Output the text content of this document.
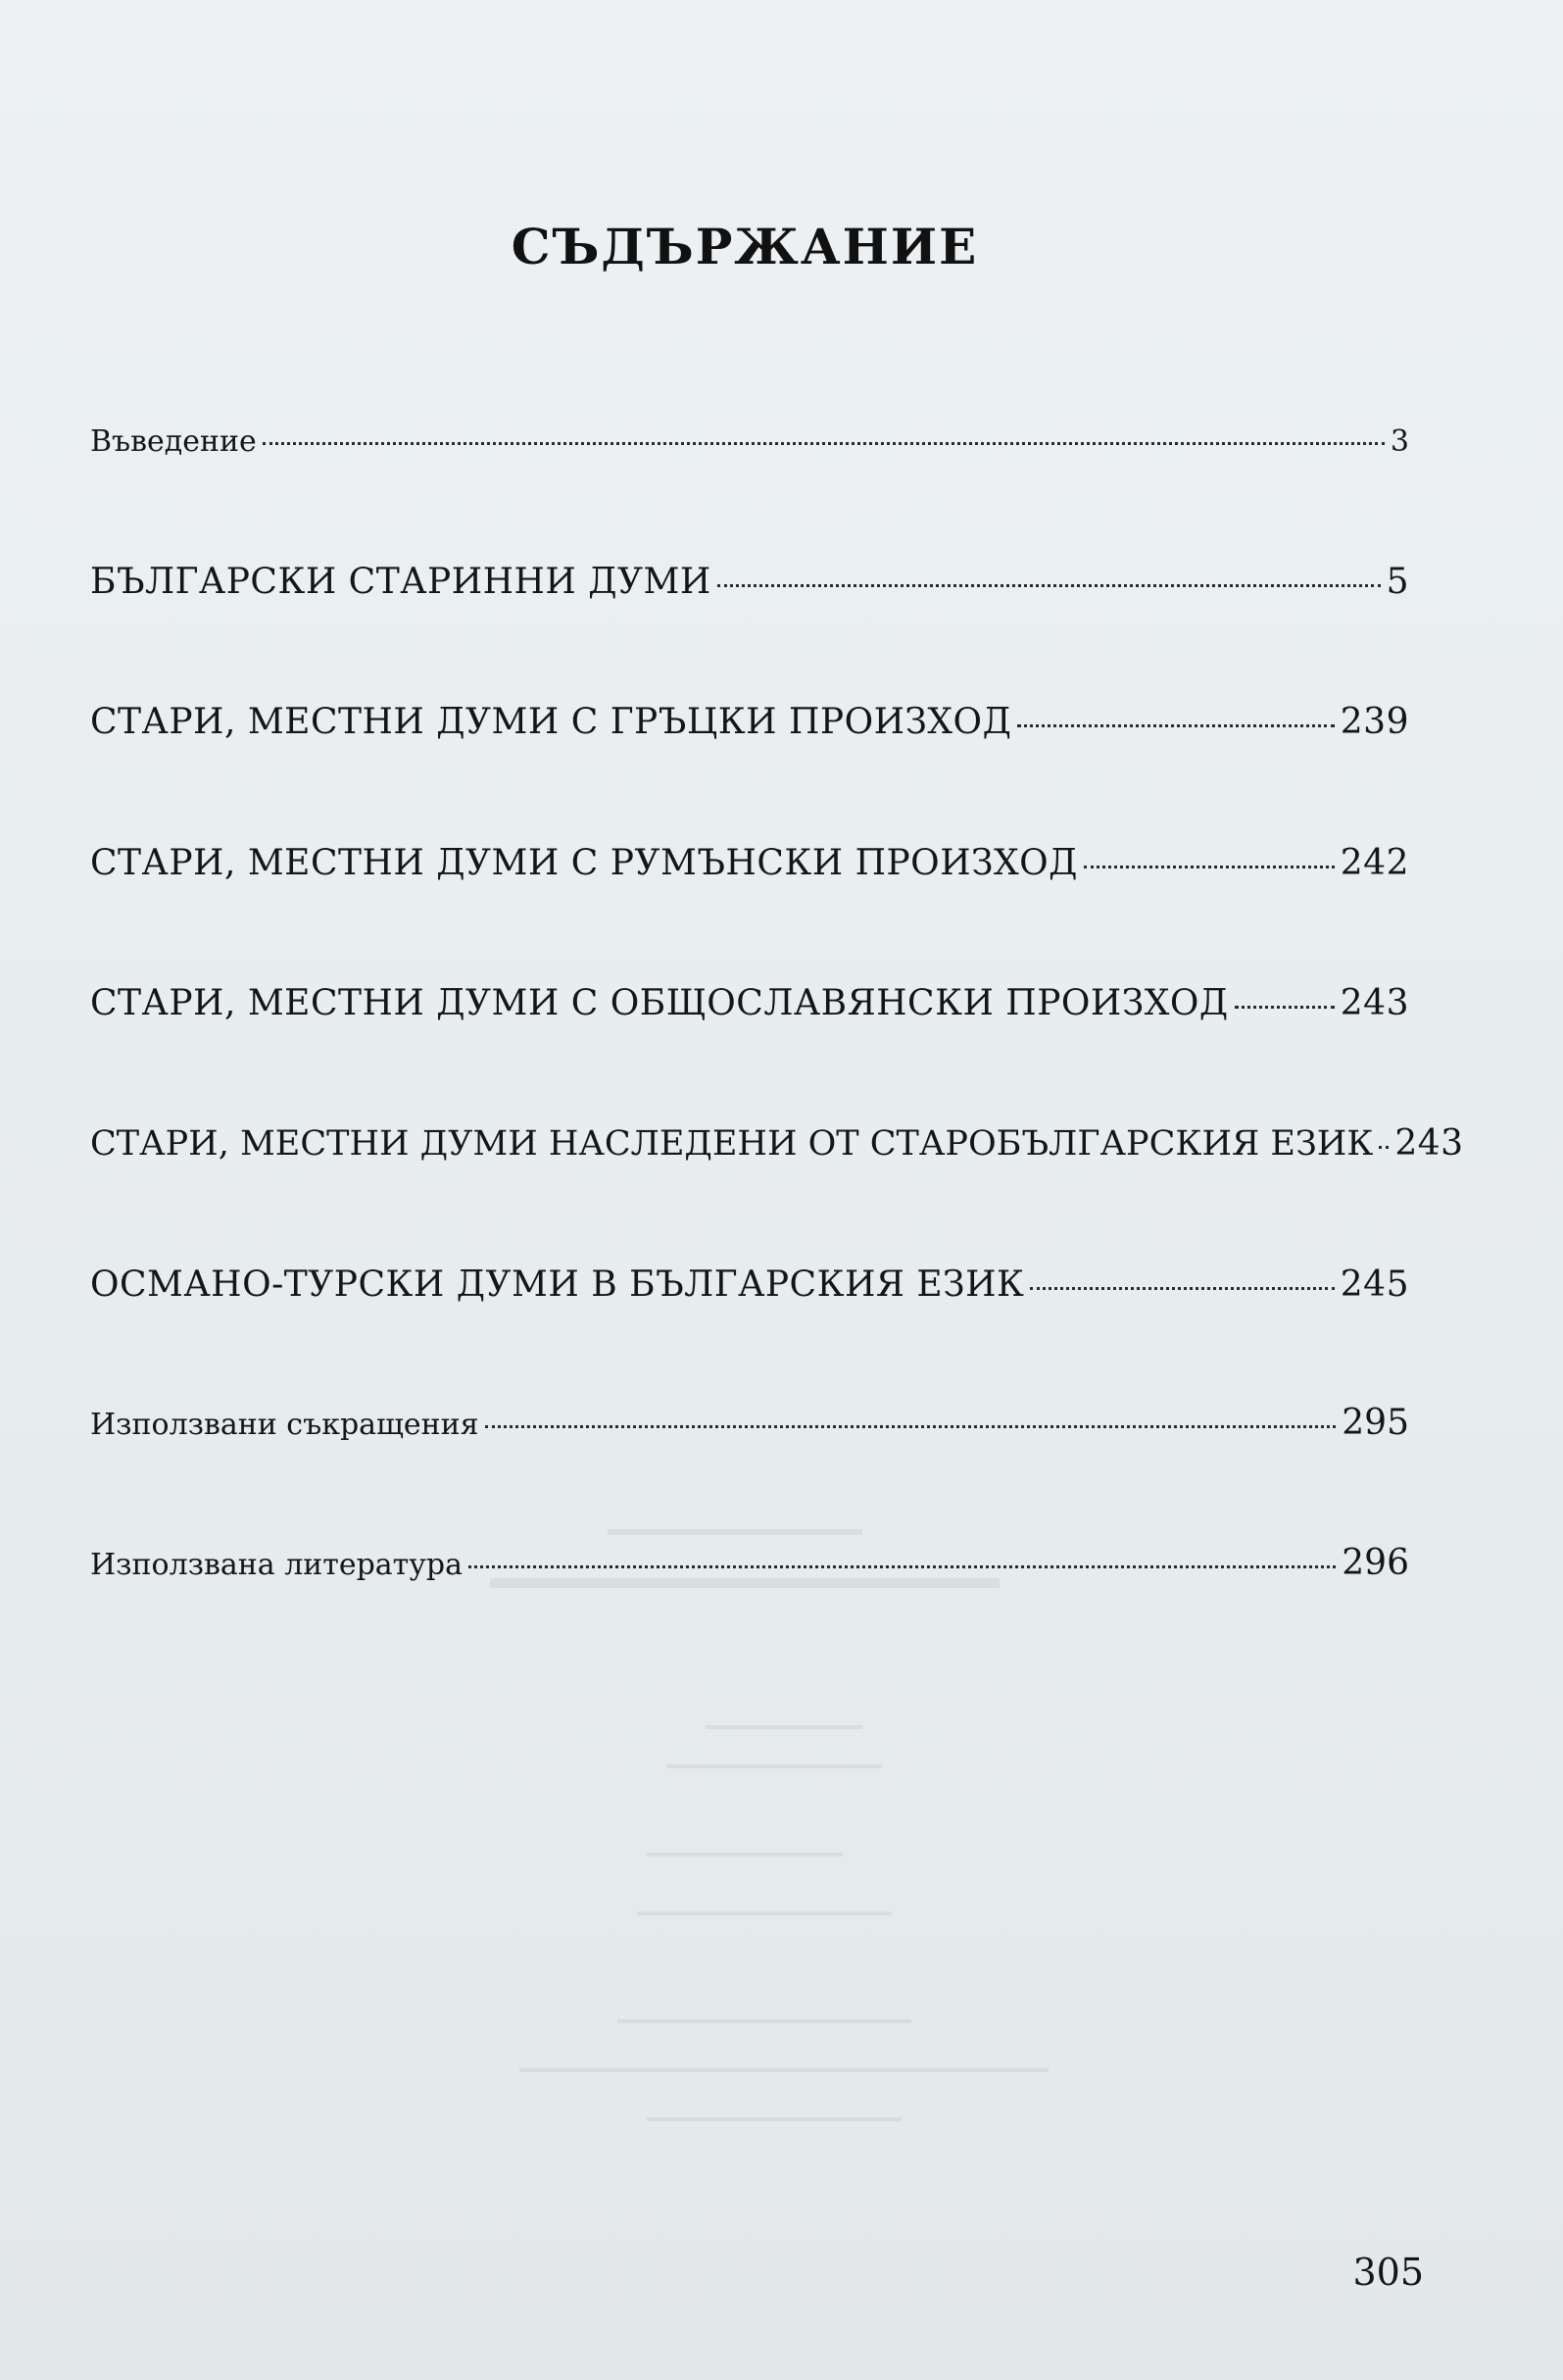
СЪДЪРЖАНИЕ
Въведение	3
БЪЛГАРСКИ СТАРИННИ ДУМИ	5
СТАРИ, МЕСТНИ ДУМИ С ГРЪЦКИ ПРОИЗХОД	239
СТАРИ, МЕСТНИ ДУМИ С РУМЪНСКИ ПРОИЗХОД	242
СТАРИ, МЕСТНИ ДУМИ С ОБЩОСЛАВЯНСКИ ПРОИЗХОД	243
СТАРИ, МЕСТНИ ДУМИ НАСЛЕДЕНИ ОТ СТАРОБЪЛГАРСКИЯ ЕЗИК 243
ОСМАНО-ТУРСКИ ДУМИ В БЪЛГАРСКИЯ ЕЗИК	245
Използвани съкращения	295
Използвана литература	296
305
